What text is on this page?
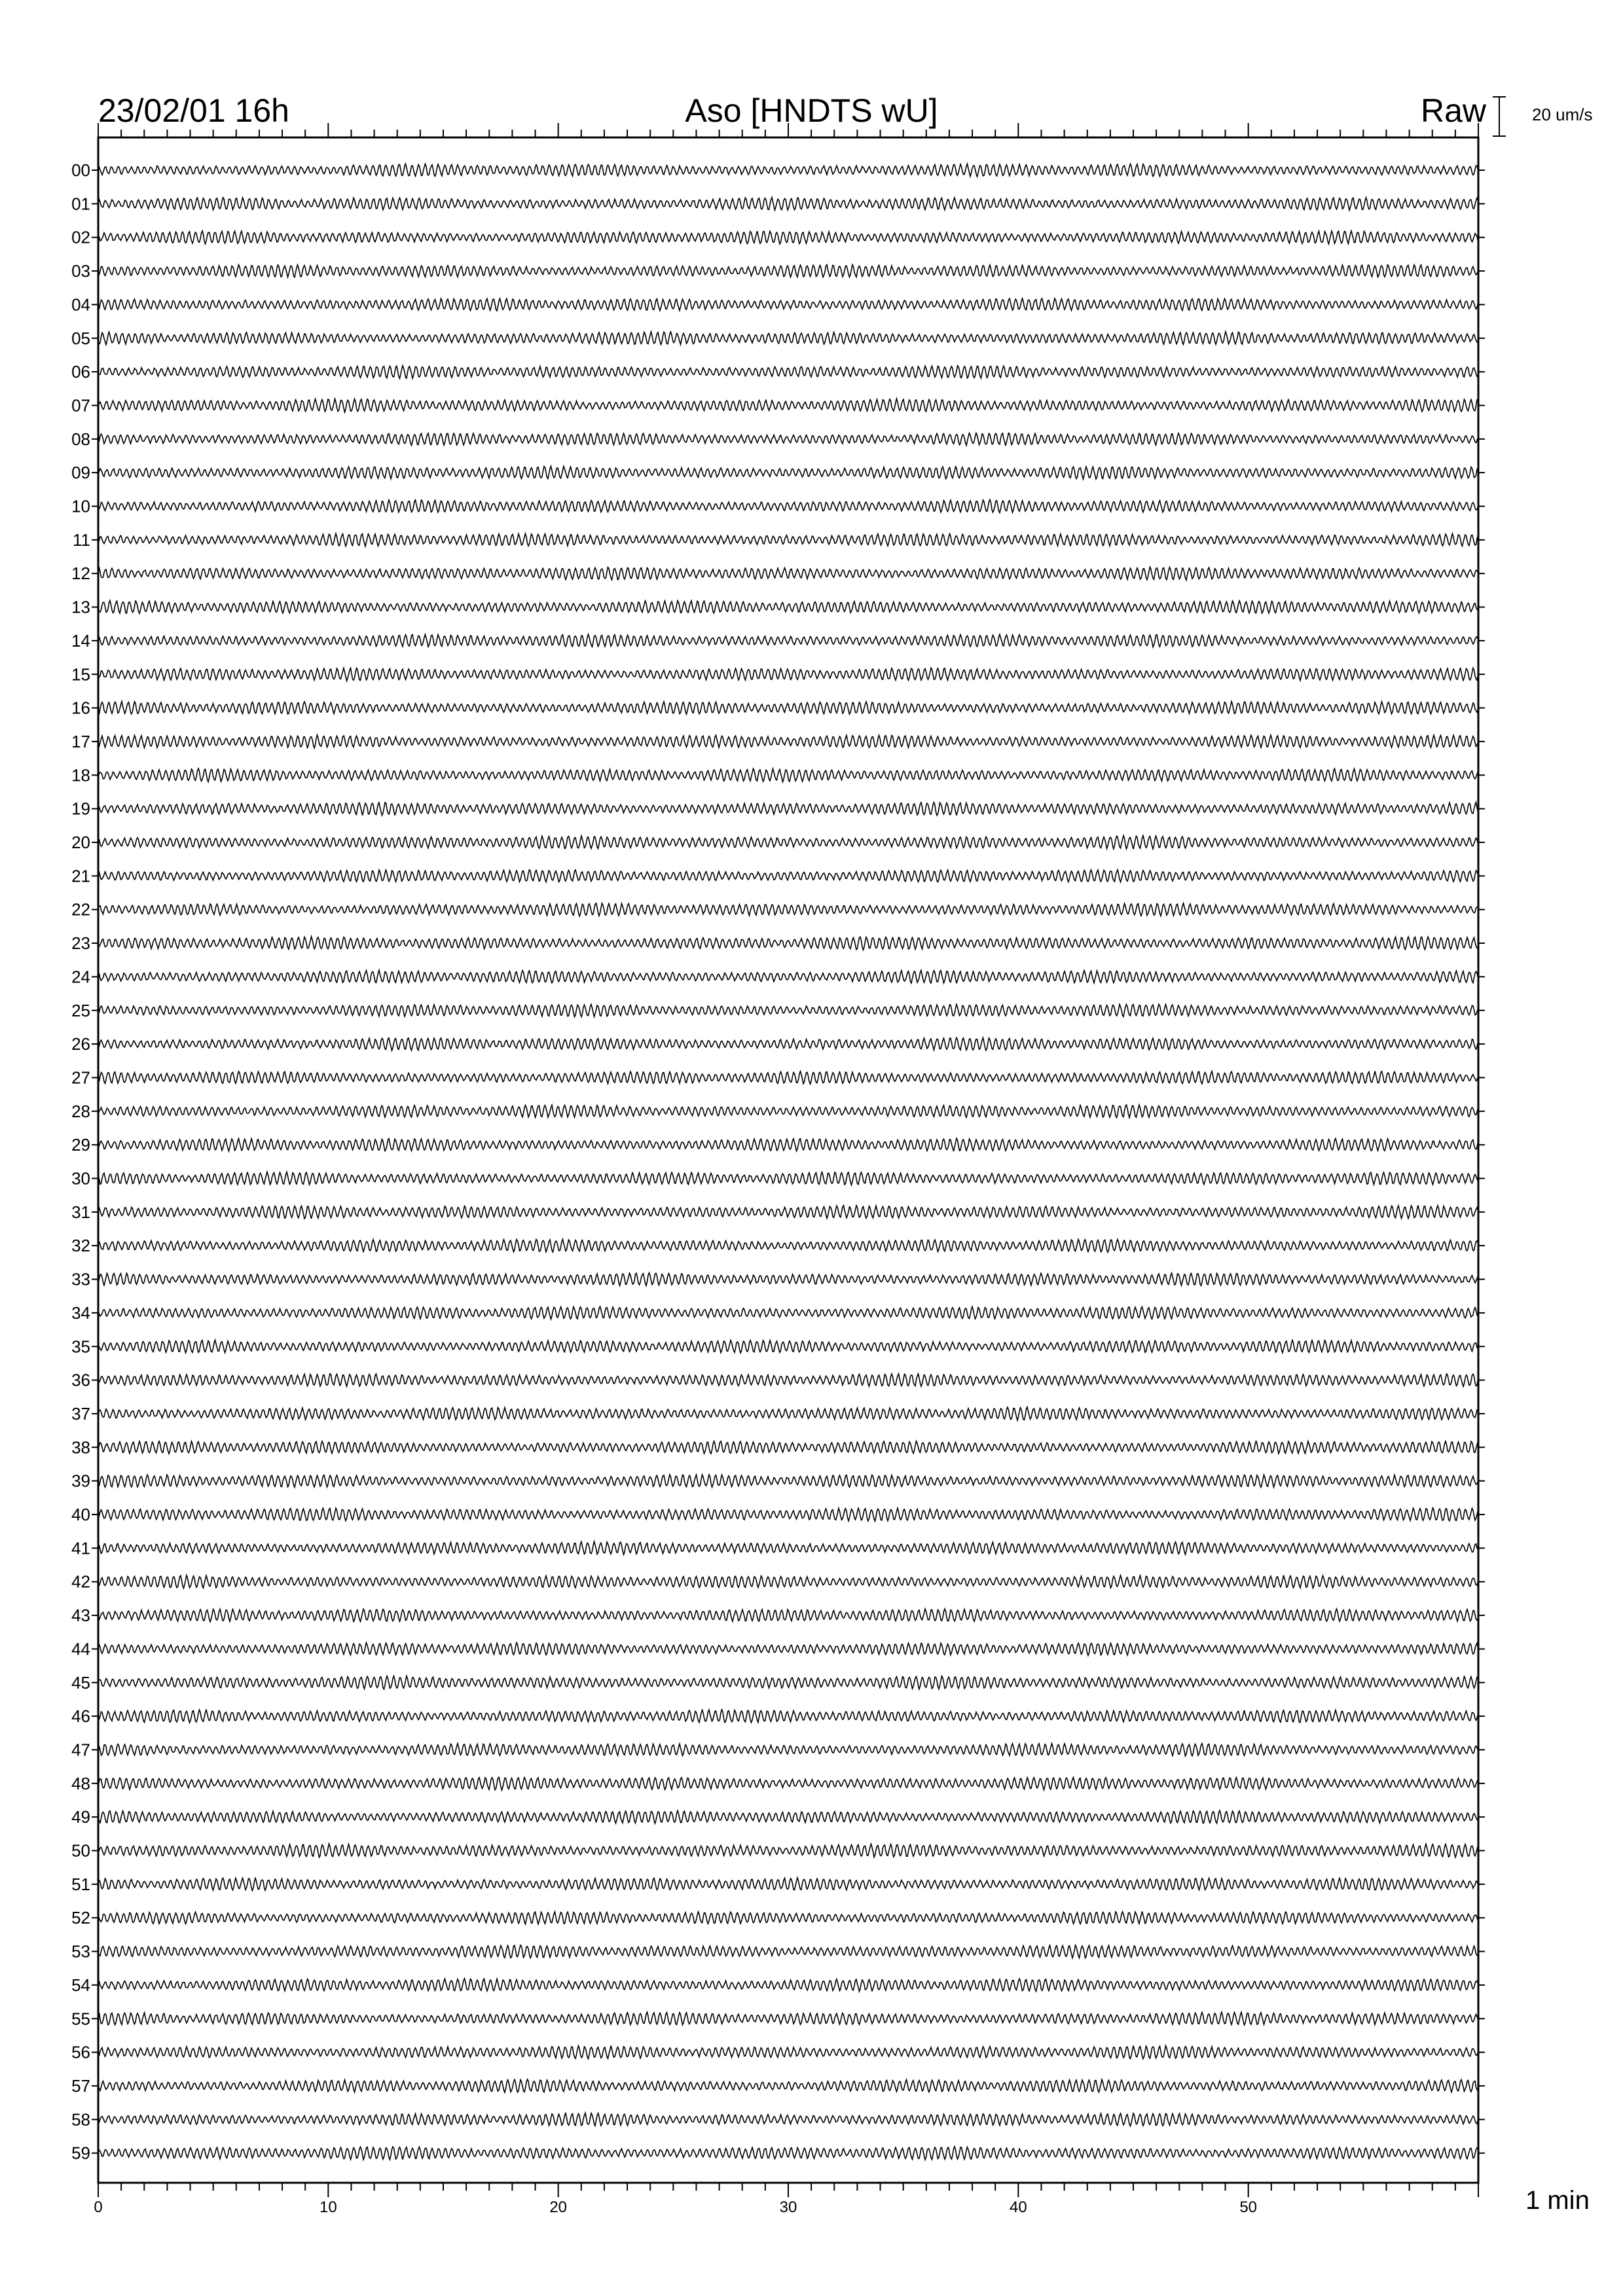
00
01
02
03
04
05
06
07
08
09
10
11
12
13
14
15
16
17
18
19
20
21
22
23
24
25
26
27
28
29
30
31
32
33
34
35
36
37
38
39
40
41
42
43
44
45
46
47
48
49
50
51
52
53
54
55
56
57
58
59
0	10	20	30	40	50
23/02/01 16h	Aso [HNDTS wU]	Raw	20 um/s
1 min
